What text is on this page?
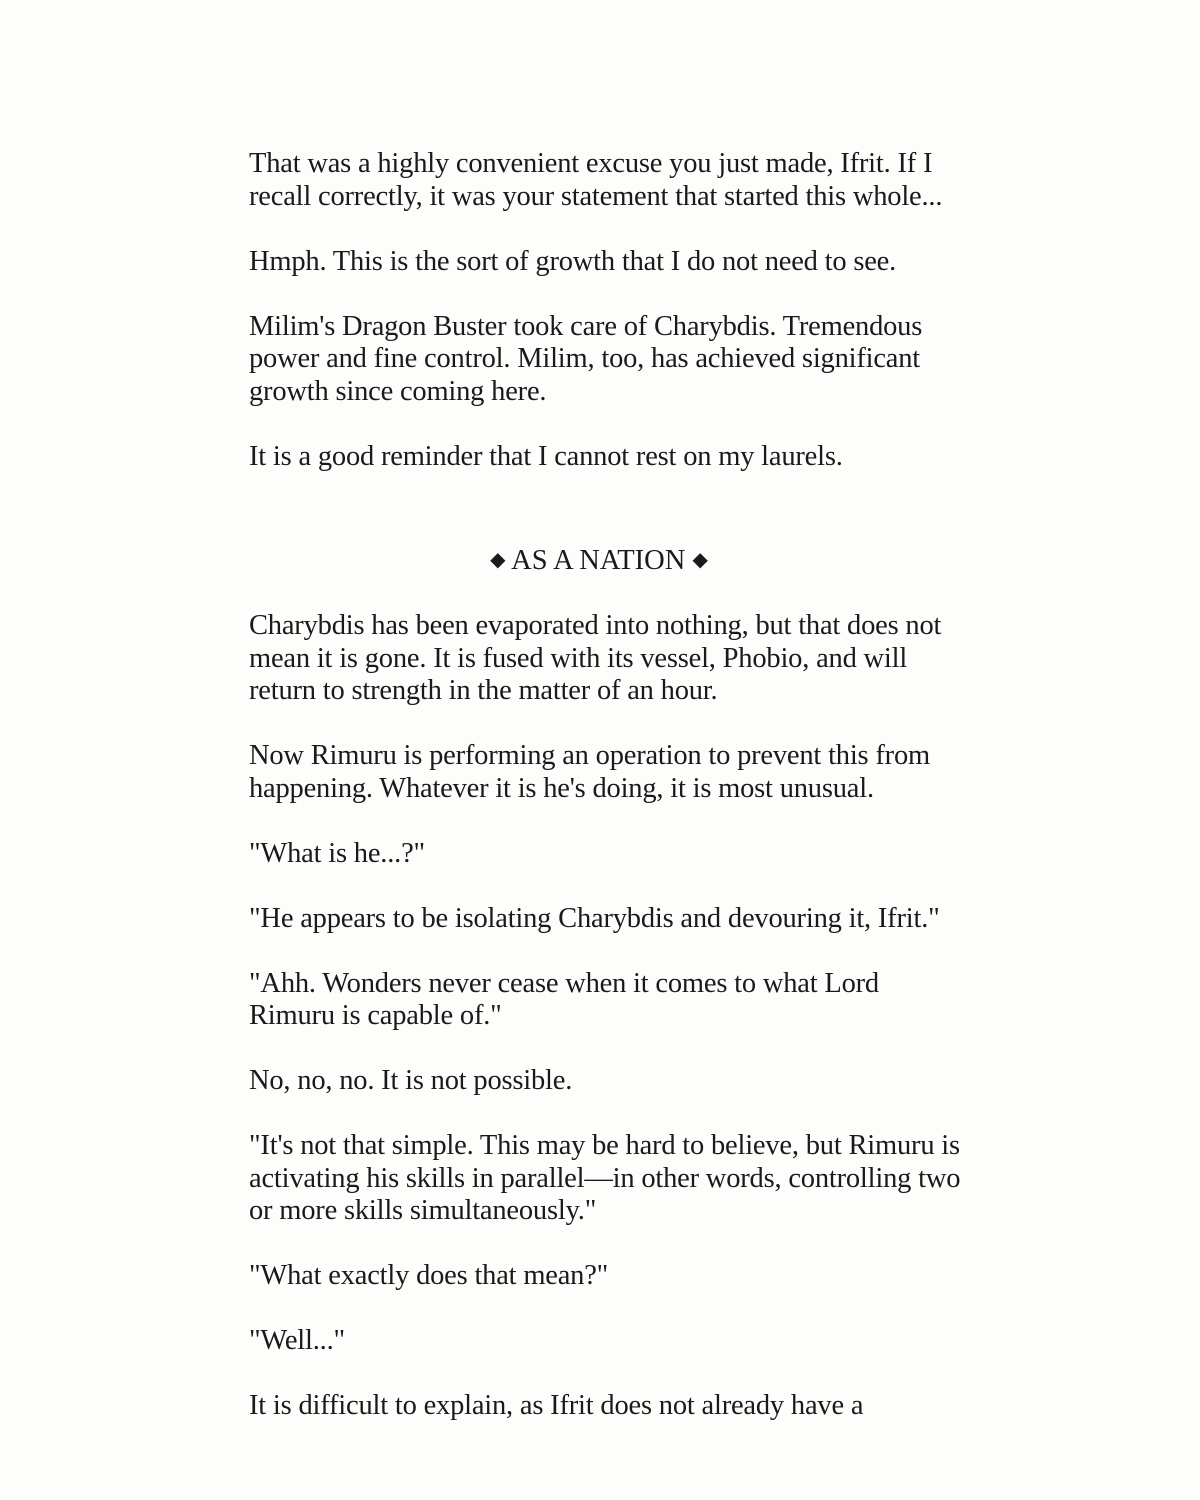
That was a highly convenient excuse you just made, Ifrit. If I recall correctly, it was your statement that started this whole...

Hmph. This is the sort of growth that I do not need to see.

Milim's Dragon Buster took care of Charybdis. Tremendous power and fine control. Milim, too, has achieved significant growth since coming here.

It is a good reminder that I cannot rest on my laurels.

◆ AS A NATION ◆

Charybdis has been evaporated into nothing, but that does not mean it is gone. It is fused with its vessel, Phobio, and will return to strength in the matter of an hour.

Now Rimuru is performing an operation to prevent this from happening. Whatever it is he's doing, it is most unusual.

"What is he...?"

"He appears to be isolating Charybdis and devouring it, Ifrit."

"Ahh. Wonders never cease when it comes to what Lord Rimuru is capable of."

No, no, no. It is not possible.

"It's not that simple. This may be hard to believe, but Rimuru is activating his skills in parallel—in other words, controlling two or more skills simultaneously."

"What exactly does that mean?"

"Well..."

It is difficult to explain, as Ifrit does not already have a
